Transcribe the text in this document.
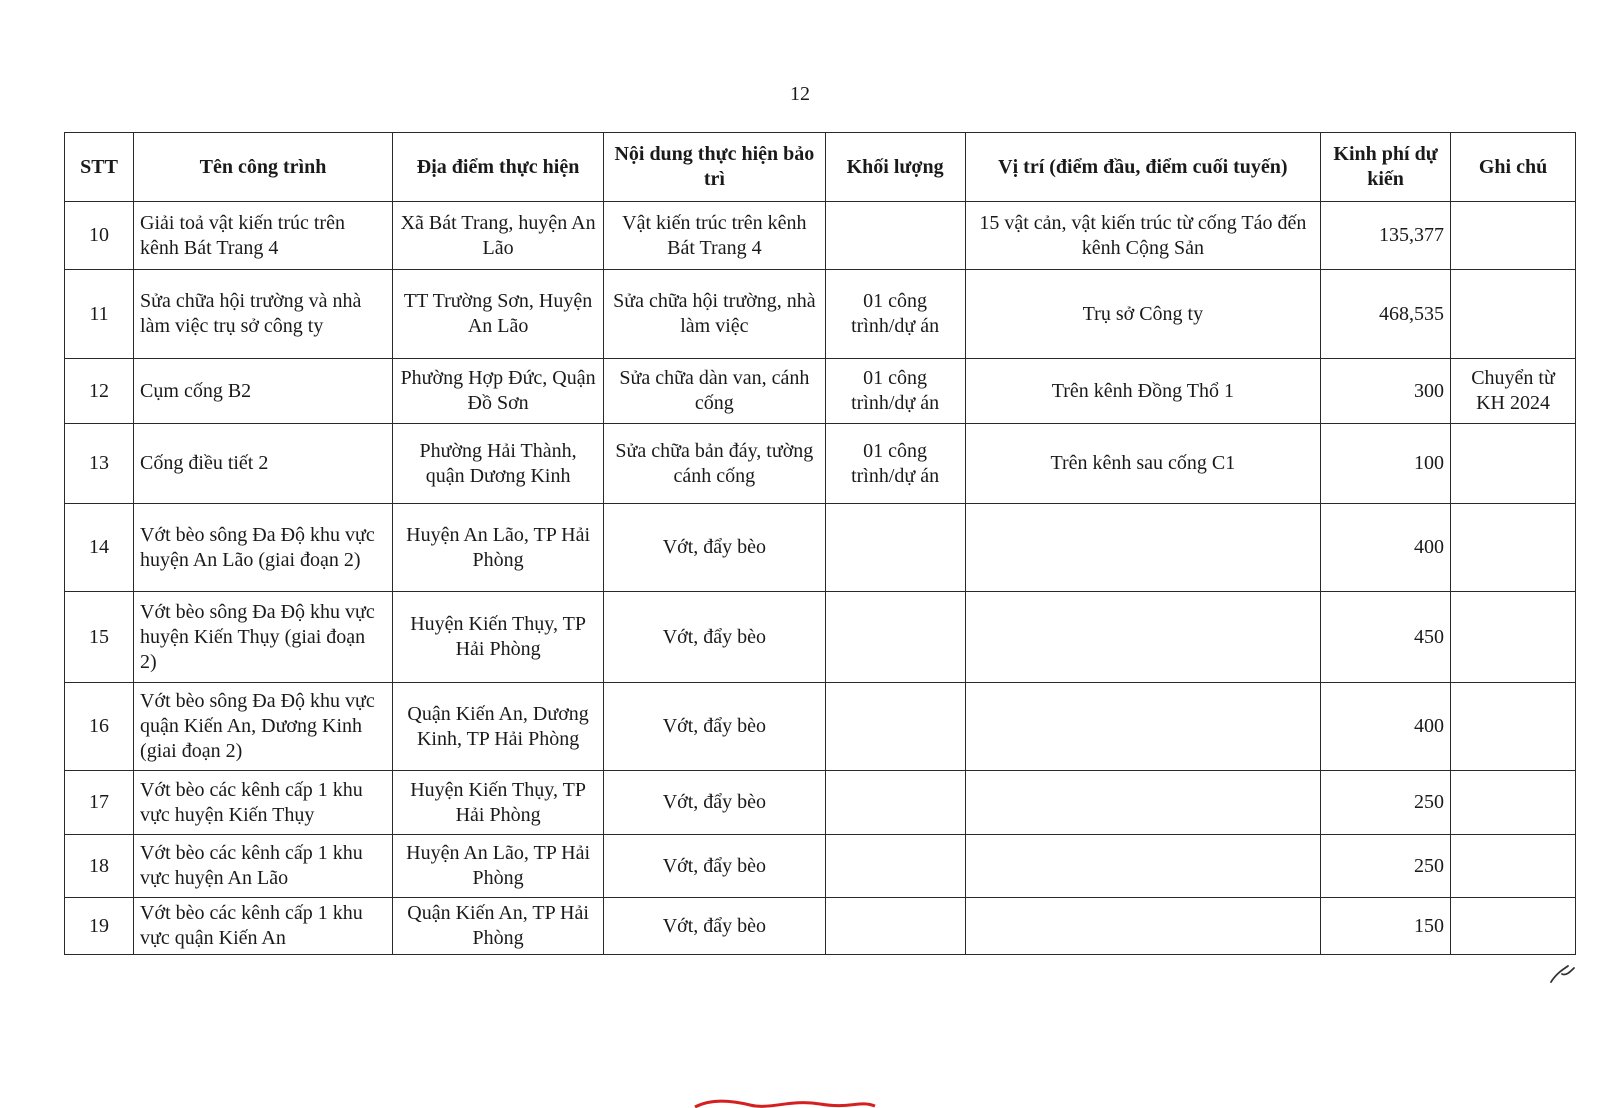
12
STT	Tên công trình	Địa điểm thực hiện	Nội dung thực hiện bảo trì	Khối lượng	Vị trí (điểm đầu, điểm cuối tuyến)	Kinh phí dự kiến	Ghi chú
10	Giải toả vật kiến trúc trên kênh Bát Trang 4	Xã Bát Trang, huyện An Lão	Vật kiến trúc trên kênh Bát Trang 4		15 vật cản, vật kiến trúc từ cống Táo đến kênh Cộng Sản	135,377	
11	Sửa chữa hội trường và nhà làm việc trụ sở công ty	TT Trường Sơn, Huyện An Lão	Sửa chữa hội trường, nhà làm việc	01 công trình/dự án	Trụ sở Công ty	468,535	
12	Cụm cống B2	Phường Hợp Đức, Quận Đồ Sơn	Sửa chữa dàn van, cánh cống	01 công trình/dự án	Trên kênh Đồng Thổ 1	300	Chuyển từ KH 2024
13	Cống điều tiết 2	Phường Hải Thành, quận Dương Kinh	Sửa chữa bản đáy, tường cánh cống	01 công trình/dự án	Trên kênh sau cống C1	100	
14	Vớt bèo sông Đa Độ khu vực huyện An Lão (giai đoạn 2)	Huyện An Lão, TP Hải Phòng	Vớt, đẩy bèo			400	
15	Vớt bèo sông Đa Độ khu vực huyện Kiến Thụy (giai đoạn 2)	Huyện Kiến Thụy, TP Hải Phòng	Vớt, đẩy bèo			450	
16	Vớt bèo sông Đa Độ khu vực quận Kiến An, Dương Kinh (giai đoạn 2)	Quận Kiến An, Dương Kinh, TP Hải Phòng	Vớt, đẩy bèo			400	
17	Vớt bèo các kênh cấp 1 khu vực huyện Kiến Thụy	Huyện Kiến Thụy, TP Hải Phòng	Vớt, đẩy bèo			250	
18	Vớt bèo các kênh cấp 1 khu vực huyện An Lão	Huyện An Lão, TP Hải Phòng	Vớt, đẩy bèo			250	
19	Vớt bèo các kênh cấp 1 khu vực quận Kiến An	Quận Kiến An, TP Hải Phòng	Vớt, đẩy bèo			150	
